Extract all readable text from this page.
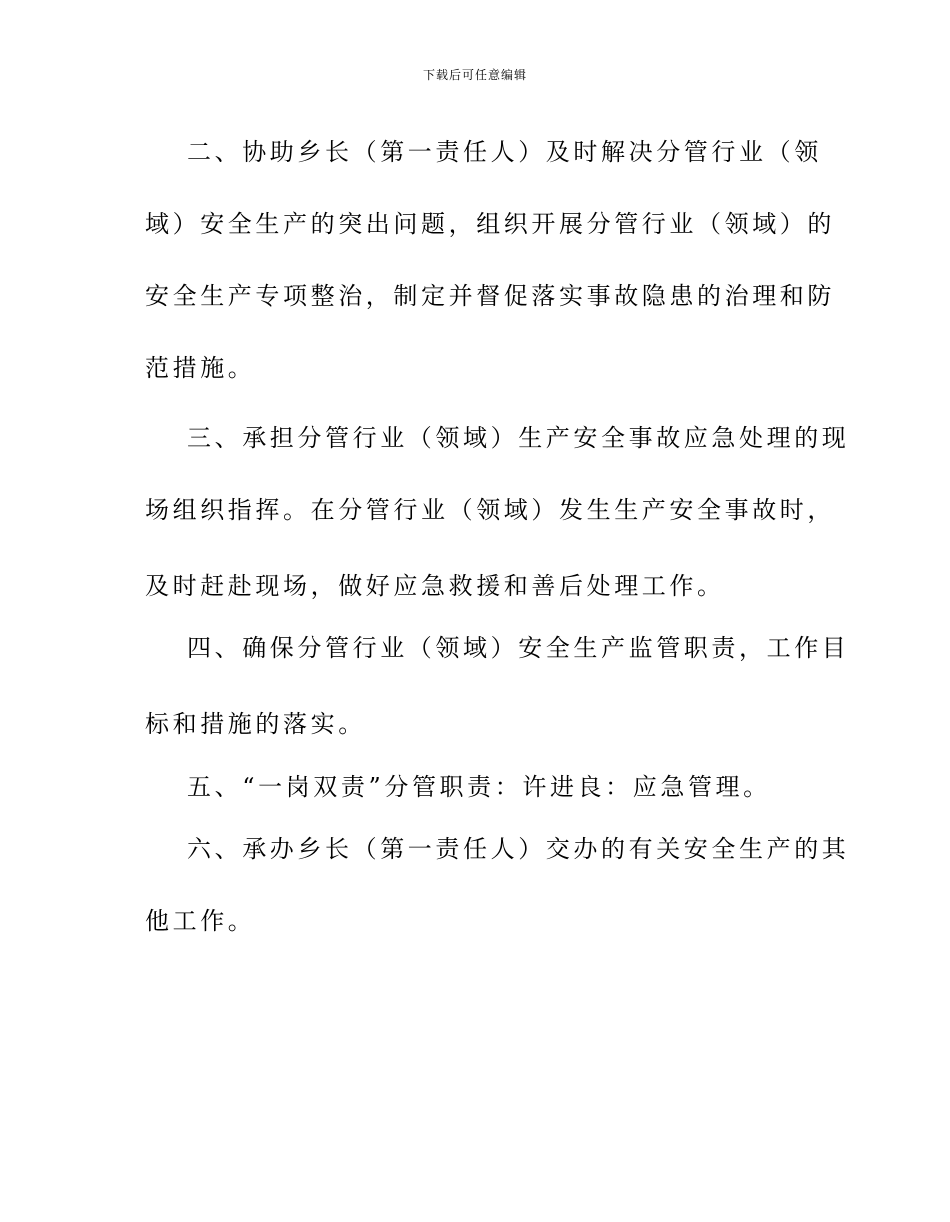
下载后可任意编辑
二、协助乡长（第一责任人）及时解决分管行业（领
域）安全生产的突出问题，组织开展分管行业（领域）的
安全生产专项整治，制定并督促落实事故隐患的治理和防
范措施。
三、承担分管行业（领域）生产安全事故应急处理的现
场组织指挥。在分管行业（领域）发生生产安全事故时，
及时赶赴现场，做好应急救援和善后处理工作。
四、确保分管行业（领域）安全生产监管职责，工作目
标和措施的落实。
五、“一岗双责”分管职责：许进良：应急管理。
六、承办乡长（第一责任人）交办的有关安全生产的其
他工作。
